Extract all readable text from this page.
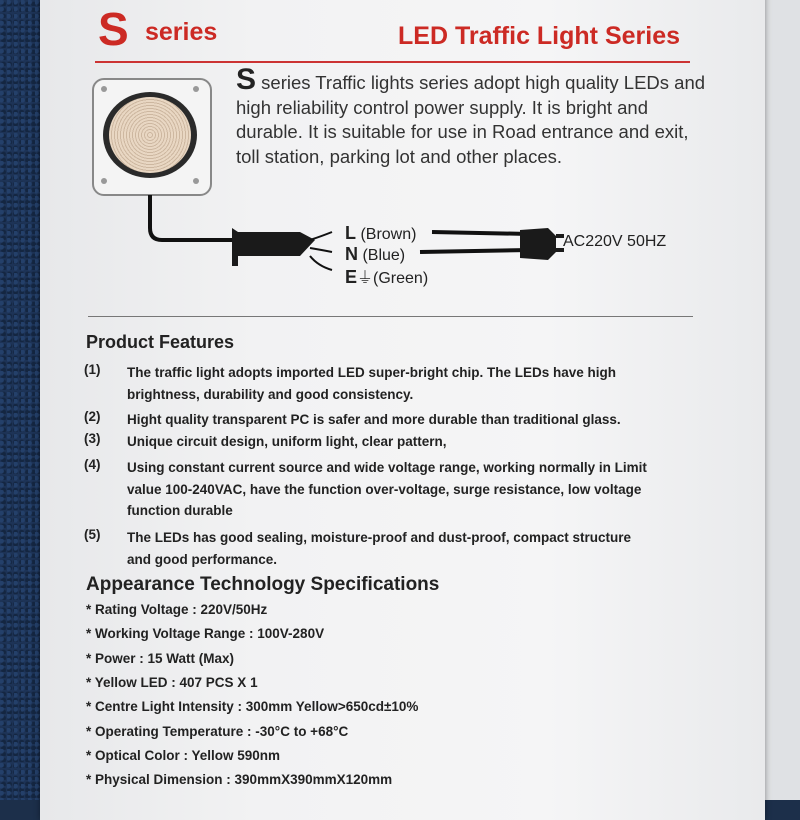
S series	LED Traffic Light Series
S series Traffic lights series adopt high quality LEDs and high reliability control power supply. It is bright and durable. It is suitable for use in Road entrance and exit, toll station, parking lot and other places.
L (Brown)
N (Blue)
E⏚(Green)
AC220V 50HZ
Product Features
(1) The traffic light adopts imported LED super-bright chip. The LEDs have high
brightness, durability and good consistency.
(2) Hight quality transparent PC is safer and more durable than traditional glass.
(3) Unique circuit design, uniform light, clear pattern,
(4) Using constant current source and wide voltage range, working normally in Limit
value 100-240VAC, have the function over-voltage, surge resistance, low voltage
function durable
(5) The LEDs has good sealing, moisture-proof and dust-proof, compact structure
and good performance.
Appearance Technology Specifications
* Rating Voltage : 220V/50Hz
* Working Voltage Range : 100V-280V
* Power : 15 Watt (Max)
* Yellow LED : 407 PCS X 1
* Centre Light Intensity : 300mm Yellow>650cd±10%
* Operating Temperature : -30°C to +68°C
* Optical Color : Yellow 590nm
* Physical Dimension : 390mmX390mmX120mm
